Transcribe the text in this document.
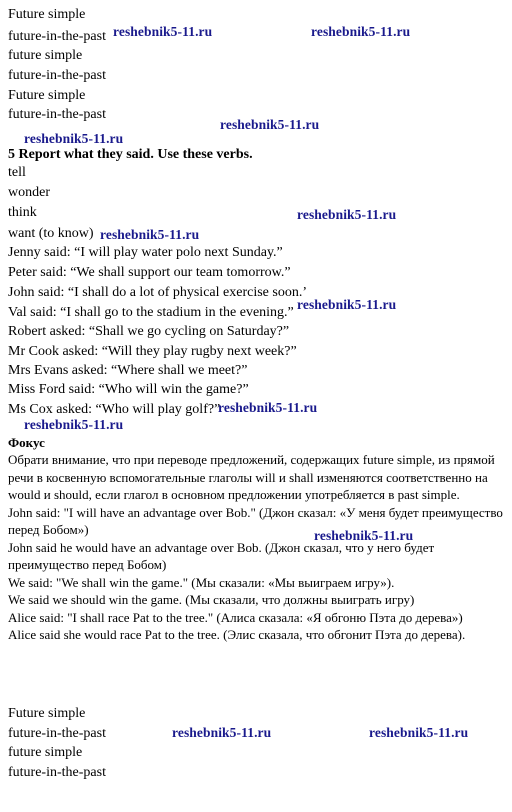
Future simple
future-in-the-past
future simple
future-in-the-past
Future simple
future-in-the-past
5 Report what they said. Use these verbs.
tell
wonder
think
want (to know)
Jenny said: “I will play water polo next Sunday.”
Peter said: “We shall support our team tomorrow.”
John said: “I shall do a lot of physical exercise soon.’
Val said: “I shall go to the stadium in the evening.”
Robert asked: “Shall we go cycling on Saturday?”
Mr Cook asked: “Will they play rugby next week?”
Mrs Evans asked: “Where shall we meet?”
Miss Ford said: “Who will win the game?”
Ms Cox asked: “Who will play golf?”
Фокус

Обрати внимание, что при переводе предложений, содержащих future simple, из прямой речи в косвенную вспомогательные глаголы will и shall изменяются соответственно на would и should, если глагол в основном предложении употребляется в past simple.

John said: "I will have an advantage over Bob." (Джон сказал: «У меня будет преимущество перед Бобом»)

John said he would have an advantage over Bob. (Джон сказал, что у него будет преимущество перед Бобом)

We said: "We shall win the game." (Мы сказали: «Мы выиграем игру»).

We said we should win the game. (Мы сказали, что должны выиграть игру)

Alice said: "I shall race Pat to the tree." (Алиса сказала: «Я обгоню Пэта до дерева»)

Alice said she would race Pat to the tree. (Элис сказала, что обгонит Пэта до дерева).

Future simple
future-in-the-past
future simple
future-in-the-past
reshebnik5-11.ru	reshebnik5-11.ru
reshebnik5-11.ru
reshebnik5-11.ru
reshebnik5-11.ru
reshebnik5-11.ru
reshebnik5-11.ru
reshebnik5-11.ru
reshebnik5-11.ru
reshebnik5-11.ru
reshebnik5-11.ru	reshebnik5-11.ru
